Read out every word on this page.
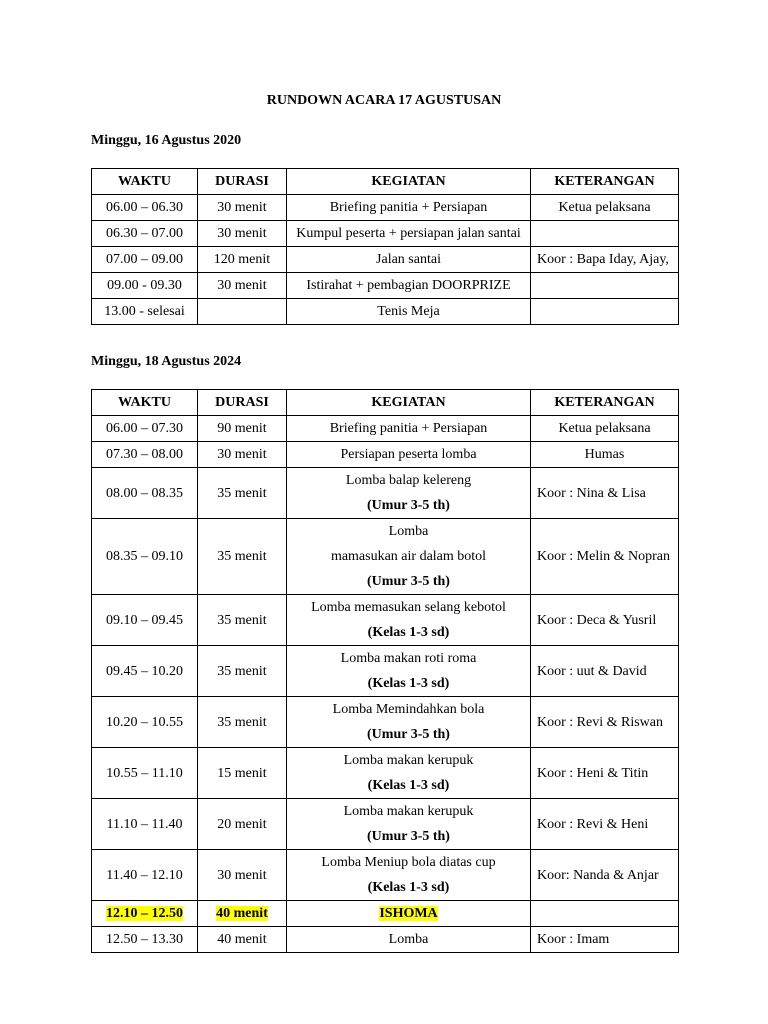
RUNDOWN ACARA 17 AGUSTUSAN
Minggu, 16 Agustus 2020
WAKTU	DURASI	KEGIATAN	KETERANGAN
06.00 – 06.30	30 menit	Briefing panitia + Persiapan	Ketua pelaksana
06.30 – 07.00	30 menit	Kumpul peserta + persiapan jalan santai	
07.00 – 09.00	120 menit	Jalan santai	Koor : Bapa Iday, Ajay,
09.00 - 09.30	30 menit	Istirahat + pembagian DOORPRIZE	
13.00 - selesai		Tenis Meja	
Minggu, 18 Agustus 2024
WAKTU	DURASI	KEGIATAN	KETERANGAN
06.00 – 07.30	90 menit	Briefing panitia + Persiapan	Ketua pelaksana
07.30 – 08.00	30 menit	Persiapan peserta lomba	Humas
08.00 – 08.35	35 menit	Lomba balap kelereng
(Umur 3-5 th)	Koor : Nina & Lisa
08.35 – 09.10	35 menit	Lomba
mamasukan air dalam botol
(Umur 3-5 th)	Koor : Melin & Nopran
09.10 – 09.45	35 menit	Lomba memasukan selang kebotol
(Kelas 1-3 sd)	Koor : Deca & Yusril
09.45 – 10.20	35 menit	Lomba makan roti roma
(Kelas 1-3 sd)	Koor : uut & David
10.20 – 10.55	35 menit	Lomba Memindahkan bola
(Umur 3-5 th)	Koor : Revi & Riswan
10.55 – 11.10	15 menit	Lomba makan kerupuk
(Kelas 1-3 sd)	Koor : Heni & Titin
11.10 – 11.40	20 menit	Lomba makan kerupuk
(Umur 3-5 th)	Koor : Revi & Heni
11.40 – 12.10	30 menit	Lomba Meniup bola diatas cup
(Kelas 1-3 sd)	Koor: Nanda & Anjar
12.10 – 12.50	40 menit	ISHOMA	
12.50 – 13.30	40 menit	Lomba	Koor : Imam
